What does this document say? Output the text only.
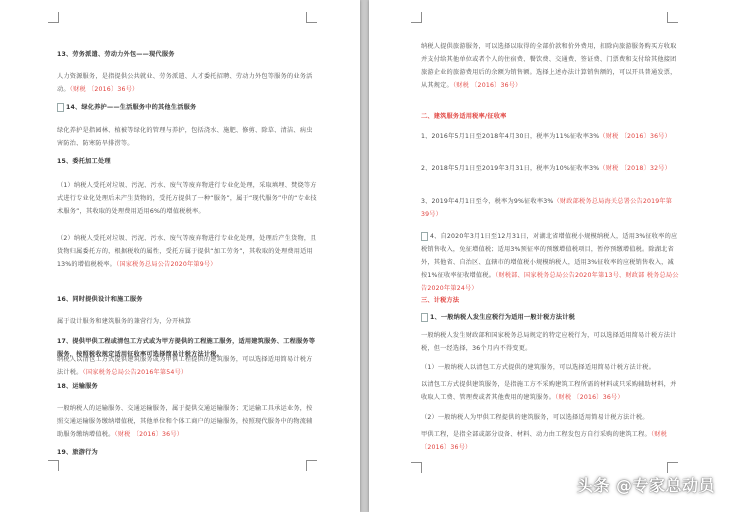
13、劳务派遣、劳动力外包——现代服务
人力资源服务，是指提供公共就业、劳务派遣、人才委托招聘、劳动力外包等服务的业务活动。（财税 〔2016〕36号）
14、绿化养护——生活服务中的其他生活服务
绿化养护是指园林、植被等绿化的管理与养护，包括浇水、施肥、修剪、除草、清洁、病虫害防治、防寒防旱排涝等。
15、委托加工处理
（1）纳税人受托对垃圾、污泥、污水、废气等废弃物进行专业化处理，采取填埋、焚烧等方式进行专业化处理后未产生货物的，受托方提供了一种“服务”，属于“现代服务”中的“专业技术服务”，其收取的处理费用适用6%的增值税税率。
（2）纳税人受托对垃圾、污泥、污水、废气等废弃物进行专业化处理，处理后产生货物，且货物归属委托方的，根据税收的属性，受托方属于提供“加工劳务”，其收取的处理费用适用13%的增值税税率。（国家税务总局公告2020年第9号）
16、同时提供设计和施工服务
属于设计服务和建筑服务的兼营行为，分开核算
17、提供甲供工程或清包工方式或为甲方提供的工程施工服务，适用建筑服务、工程服务等服务，按照税收规定适用征收率可选择简易计税方法计税。
纳税人以清包工方式提供建筑服务或为甲供工程提供的建筑服务，可以选择适用简易计税方法计税。（国家税务总局公告2016年第54号）
18、运输服务
一般纳税人的运输服务、交通运输服务，属于提供交通运输服务；无运输工具承运业务，按照交通运输服务缴纳增值税，其他单位和个体工商户的运输服务，按照现代服务中的物流辅助服务缴纳增值税。（财税 〔2016〕36号）
19、旅游行为
纳税人提供旅游服务，可以选择以取得的全部价款和价外费用，扣除向旅游服务购买方收取并支付给其他单位或者个人的住宿费、餐饮费、交通费、签证费、门票费和支付给其他接团旅游企业的旅游费用后的余额为销售额。选择上述办法计算销售额的，可以开具普通发票，从其规定。（财税 〔2016〕36号）
二、建筑服务适用税率/征收率
1、2016年5月1日至2018年4月30日，税率为11%征收率3%（财税 〔2016〕36号）
2、2018年5月1日至2019年3月31日，税率为10%征收率3%（财税 〔2018〕32号）
3、2019年4月1日至今，税率为9%征收率3%（财政部税务总局海关总署公告2019年第39号）
4、自2020年3月1日至12月31日，对湖北省增值税小规模纳税人，适用3%征收率的应税销售收入，免征增值税；适用3%预征率的预缴增值税项目，暂停预缴增值税。除湖北省外，其他省、自治区、直辖市的增值税小规模纳税人，适用3%征收率的应税销售收入，减按1%征收率征收增值税。（财税部、国家税务总局公告2020年第13号、财政部 税务总局公告2020年第24号）
三、计税方法
1、一般纳税人发生应税行为适用一般计税方法计税
一般纳税人发生财政部和国家税务总局规定的特定应税行为，可以选择适用简易计税方法计税，但一经选择，36个月内不得变更。
（1）一般纳税人以清包工方式提供的建筑服务，可以选择适用简易计税方法计税。
以清包工方式提供建筑服务，是指施工方不采购建筑工程所需的材料或只采购辅助材料，并收取人工费、管理费或者其他费用的建筑服务。（财税 〔2016〕36号）
（2）一般纳税人为甲供工程提供的建筑服务，可以选择适用简易计税方法计税。
甲供工程，是指全部或部分设备、材料、动力由工程发包方自行采购的建筑工程。（财税 〔2016〕36号）
头条 @专家总动员
